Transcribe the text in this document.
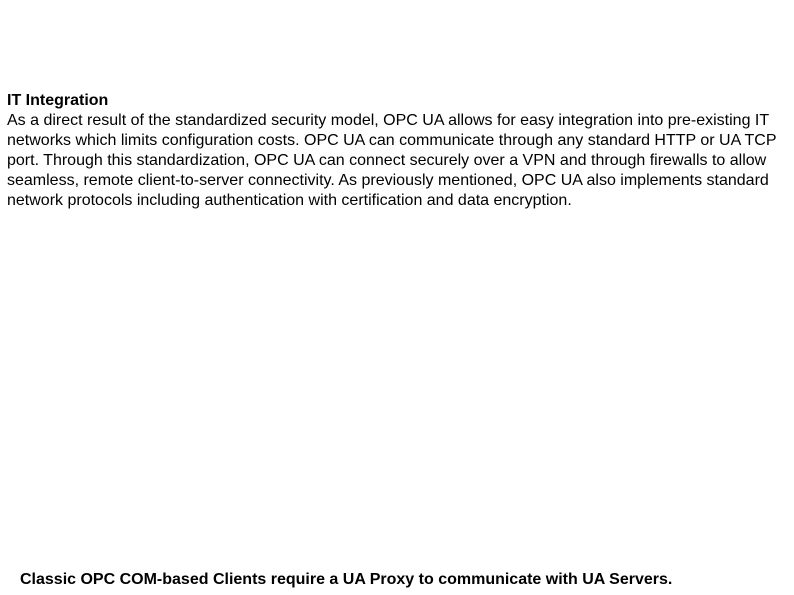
IT Integration

As a direct result of the standardized security model, OPC UA allows for easy integration into pre-existing IT networks which limits configuration costs. OPC UA can communicate through any standard HTTP or UA TCP port. Through this standardization, OPC UA can connect securely over a VPN and through firewalls to allow seamless, remote client-to-server connectivity. As previously mentioned, OPC UA also implements standard network protocols including authentication with certification and data encryption.

Classic OPC COM-based Clients require a UA Proxy to communicate with UA Servers.
